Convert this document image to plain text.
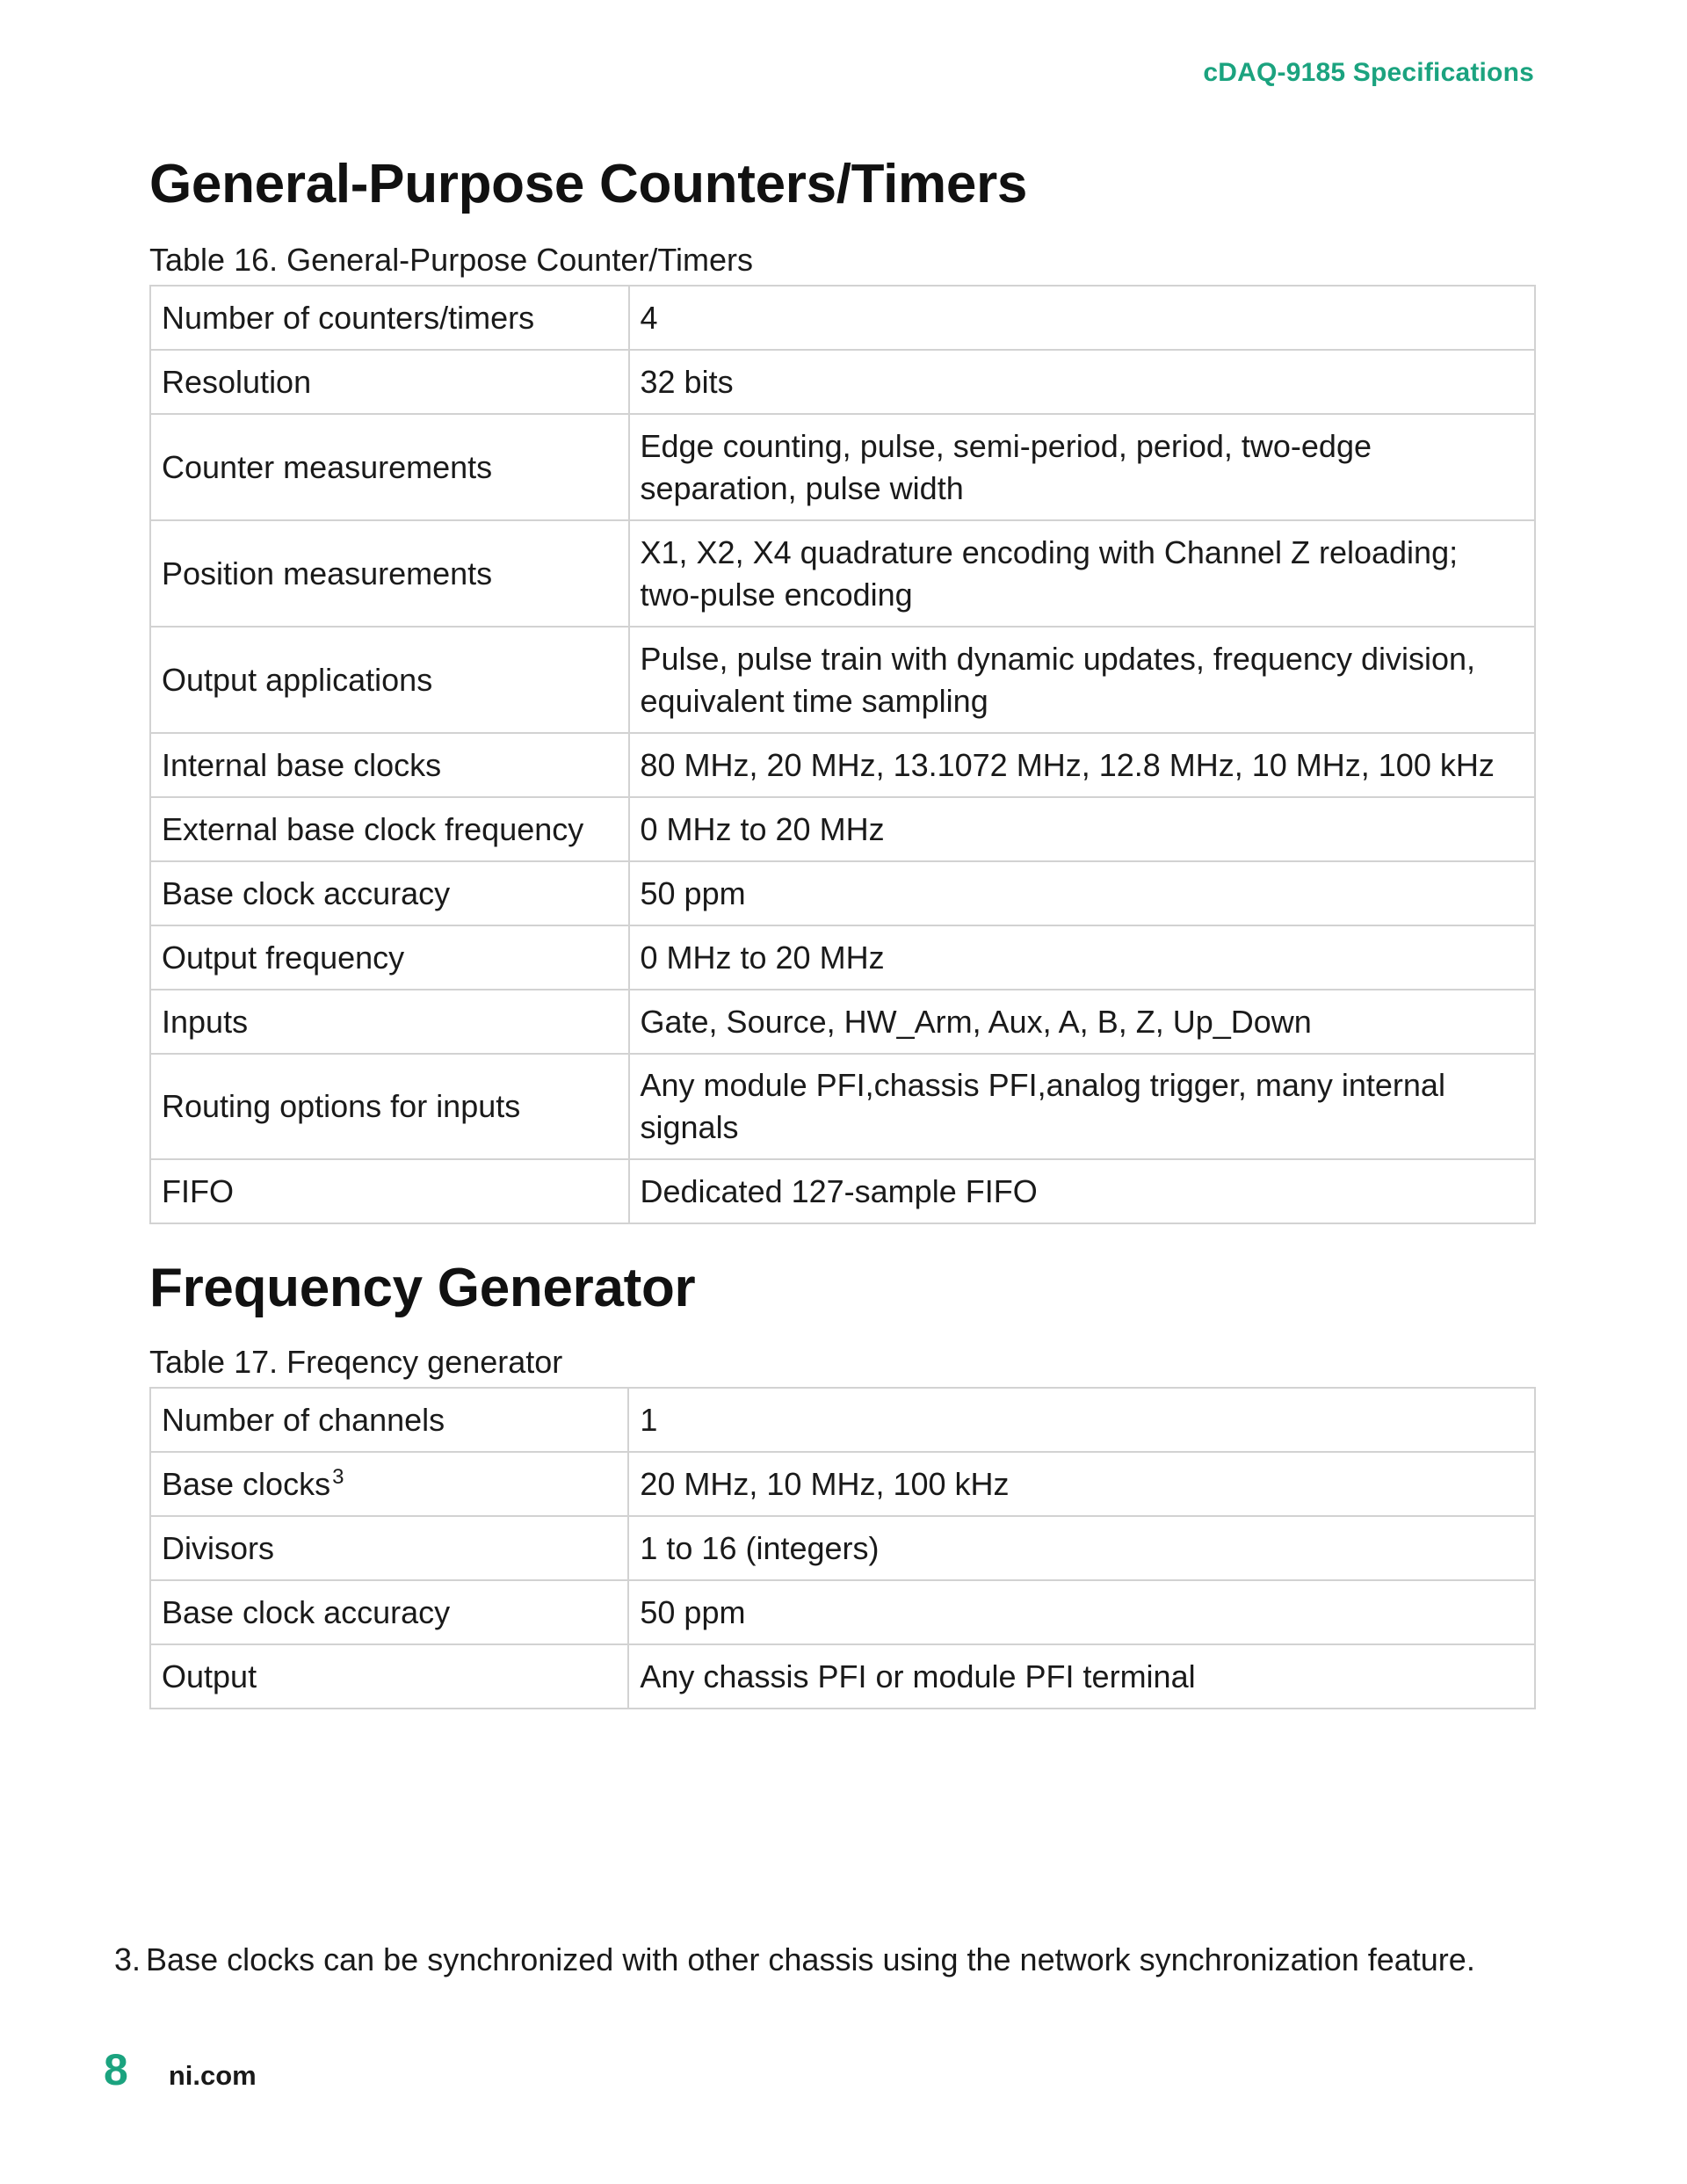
cDAQ-9185 Specifications
General-Purpose Counters/Timers
Table 16. General-Purpose Counter/Timers
Number of counters/timers	4
Resolution	32 bits
Counter measurements	Edge counting, pulse, semi-period, period, two-edge separation, pulse width
Position measurements	X1, X2, X4 quadrature encoding with Channel Z reloading; two-pulse encoding
Output applications	Pulse, pulse train with dynamic updates, frequency division, equivalent time sampling
Internal base clocks	80 MHz, 20 MHz, 13.1072 MHz, 12.8 MHz, 10 MHz, 100 kHz
External base clock frequency	0 MHz to 20 MHz
Base clock accuracy	50 ppm
Output frequency	0 MHz to 20 MHz
Inputs	Gate, Source, HW_Arm, Aux, A, B, Z, Up_Down
Routing options for inputs	Any module PFI,chassis PFI,analog trigger, many internal signals
FIFO	Dedicated 127-sample FIFO
Frequency Generator
Table 17. Freqency generator
Number of channels	1
Base clocks$^3$	20 MHz, 10 MHz, 100 kHz
Divisors	1 to 16 (integers)
Base clock accuracy	50 ppm
Output	Any chassis PFI or module PFI terminal
3. Base clocks can be synchronized with other chassis using the network synchronization feature.
8 ni.com
